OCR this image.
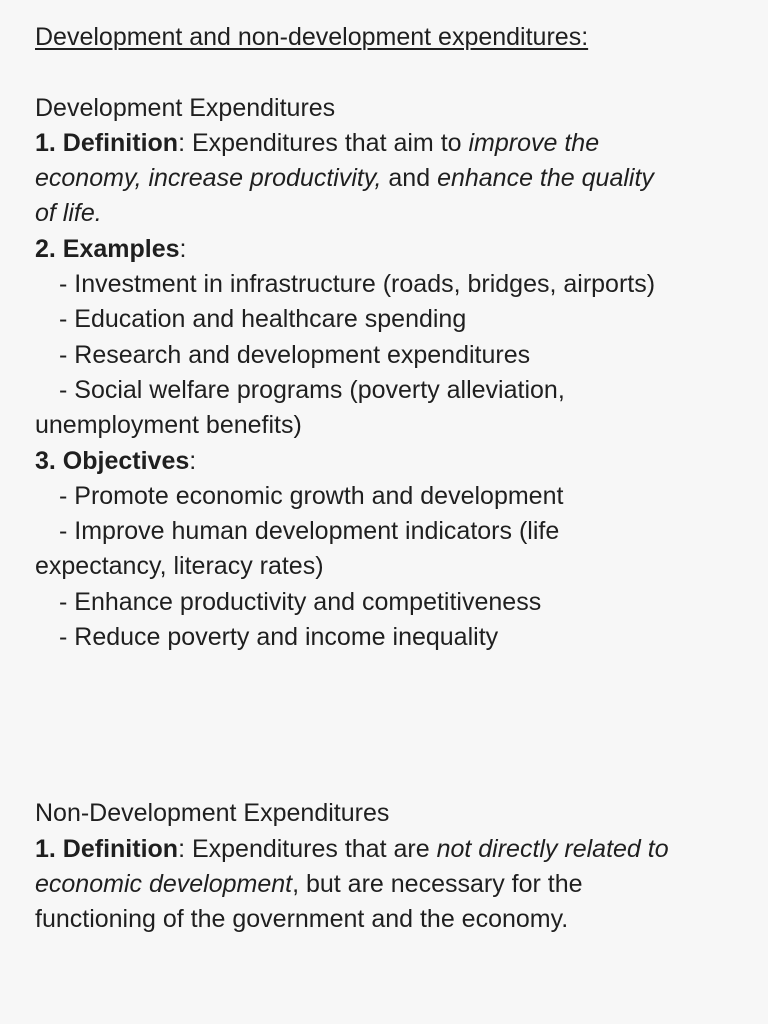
Development and non-development expenditures:

Development Expenditures

1. Definition: Expenditures that aim to improve the

economy, increase productivity, and enhance the quality

of life.

2. Examples:

- Investment in infrastructure (roads, bridges, airports)

- Education and healthcare spending

- Research and development expenditures

- Social welfare programs (poverty alleviation,

unemployment benefits)

3. Objectives:

- Promote economic growth and development

- Improve human development indicators (life

expectancy, literacy rates)

- Enhance productivity and competitiveness

- Reduce poverty and income inequality

Non-Development Expenditures

1. Definition: Expenditures that are not directly related to

economic development, but are necessary for the

functioning of the government and the economy.
